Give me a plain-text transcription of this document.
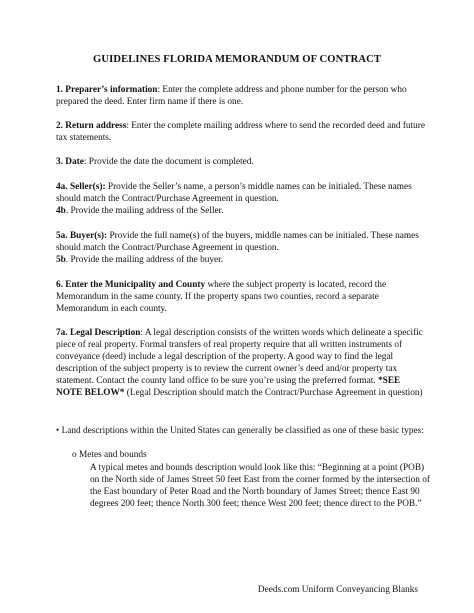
GUIDELINES FLORIDA MEMORANDUM OF CONTRACT

1. Preparer’s information: Enter the complete address and phone number for the person who prepared the deed. Enter firm name if there is one.

2. Return address: Enter the complete mailing address where to send the recorded deed and future tax statements.

3. Date: Provide the date the document is completed.

4a. Seller(s): Provide the Seller’s name, a person’s middle names can be initialed. These names should match the Contract/Purchase Agreement in question.

4b. Provide the mailing address of the Seller.

5a. Buyer(s): Provide the full name(s) of the buyers, middle names can be initialed. These names should match the Contract/Purchase Agreement in question.

5b. Provide the mailing address of the buyer.

6. Enter the Municipality and County where the subject property is located, record the Memorandum in the same county. If the property spans two counties, record a separate Memorandum in each county.

7a. Legal Description: A legal description consists of the written words which delineate a specific piece of real property. Formal transfers of real property require that all written instruments of conveyance (deed) include a legal description of the property. A good way to find the legal description of the subject property is to review the current owner’s deed and/or property tax statement. Contact the county land office to be sure you’re using the preferred format. *SEE NOTE BELOW* (Legal Description should match the Contract/Purchase Agreement in question)

• Land descriptions within the United States can generally be classified as one of these basic types:

o Metes and bounds
A typical metes and bounds description would look like this: “Beginning at a point (POB) on the North side of James Street 50 feet East from the corner formed by the intersection of the East boundary of Peter Road and the North boundary of James Street; thence East 90 degrees 200 feet; thence North 300 feet; thence West 200 feet; thence direct to the POB.”
Deeds.com Uniform Conveyancing Blanks
